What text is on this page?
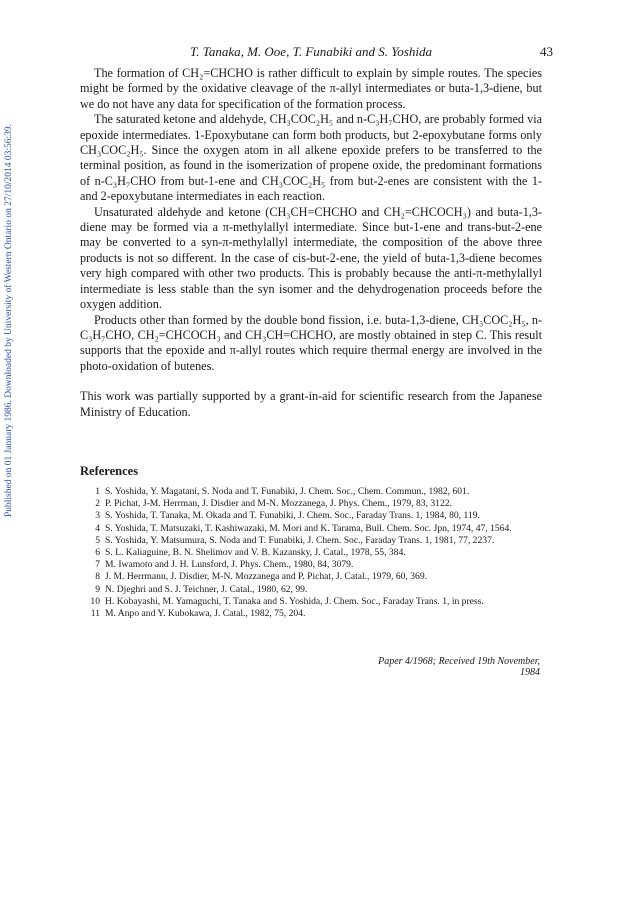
Published on 01 January 1986. Downloaded by University of Western Ontario on 27/10/2014 03:56:39.
T. Tanaka, M. Ooe, T. Funabiki and S. Yoshida	43

The formation of CH₂=CHCHO is rather difficult to explain by simple routes. The species might be formed by the oxidative cleavage of the π-allyl intermediates or buta-1,3-diene, but we do not have any data for specification of the formation process.

The saturated ketone and aldehyde, CH₃COC₂H₅ and n-C₃H₇CHO, are probably formed via epoxide intermediates. 1-Epoxybutane can form both products, but 2-epoxybutane forms only CH₃COC₂H₅. Since the oxygen atom in all alkene epoxide prefers to be transferred to the terminal position, as found in the isomerization of propene oxide, the predominant formations of n-C₃H₇CHO from but-1-ene and CH₃COC₂H₅ from but-2-enes are consistent with the 1- and 2-epoxybutane intermediates in each reaction.

Unsaturated aldehyde and ketone (CH₃CH=CHCHO and CH₂=CHCOCH₃) and buta-1,3-diene may be formed via a π-methylallyl intermediate. Since but-1-ene and trans-but-2-ene may be converted to a syn-π-methylallyl intermediate, the composition of the above three products is not so different. In the case of cis-but-2-ene, the yield of buta-1,3-diene becomes very high compared with other two products. This is probably because the anti-π-methylallyl intermediate is less stable than the syn isomer and the dehydrogenation proceeds before the oxygen addition.

Products other than formed by the double bond fission, i.e. buta-1,3-diene, CH₃COC₂H₅, n-C₃H₇CHO, CH₂=CHCOCH₃ and CH₃CH=CHCHO, are mostly obtained in step C. This result supports that the epoxide and π-allyl routes which require thermal energy are involved in the photo-oxidation of butenes.

This work was partially supported by a grant-in-aid for scientific research from the Japanese Ministry of Education.

References
1 S. Yoshida, Y. Magatani, S. Noda and T. Funabiki, J. Chem. Soc., Chem. Commun., 1982, 601.
2 P. Pichat, J-M. Herrman, J. Disdier and M-N. Mozzanega, J. Phys. Chem., 1979, 83, 3122.
3 S. Yoshida, T. Tanaka, M. Okada and T. Funabiki, J. Chem. Soc., Faraday Trans. 1, 1984, 80, 119.
4 S. Yoshida, T. Matsuzaki, T. Kashiwazaki, M. Mori and K. Tarama, Bull. Chem. Soc. Jpn, 1974, 47, 1564.
5 S. Yoshida, Y. Matsumura, S. Noda and T. Funabiki, J. Chem. Soc., Faraday Trans. 1, 1981, 77, 2237.
6 S. L. Kaliaguine, B. N. Shelimov and V. B. Kazansky, J. Catal., 1978, 55, 384.
7 M. Iwamoto and J. H. Lunsford, J. Phys. Chem., 1980, 84, 3079.
8 J. M. Herrmann, J. Disdier, M-N. Mozzanega and P. Pichat, J. Catal., 1979, 60, 369.
9 N. Djeghri and S. J. Teichner, J. Catal., 1980, 62, 99.
10 H. Kobayashi, M. Yamaguchi, T. Tanaka and S. Yoshida, J. Chem. Soc., Faraday Trans. 1, in press.
11 M. Anpo and Y. Kubokawa, J. Catal., 1982, 75, 204.
Paper 4/1968; Received 19th November, 1984
